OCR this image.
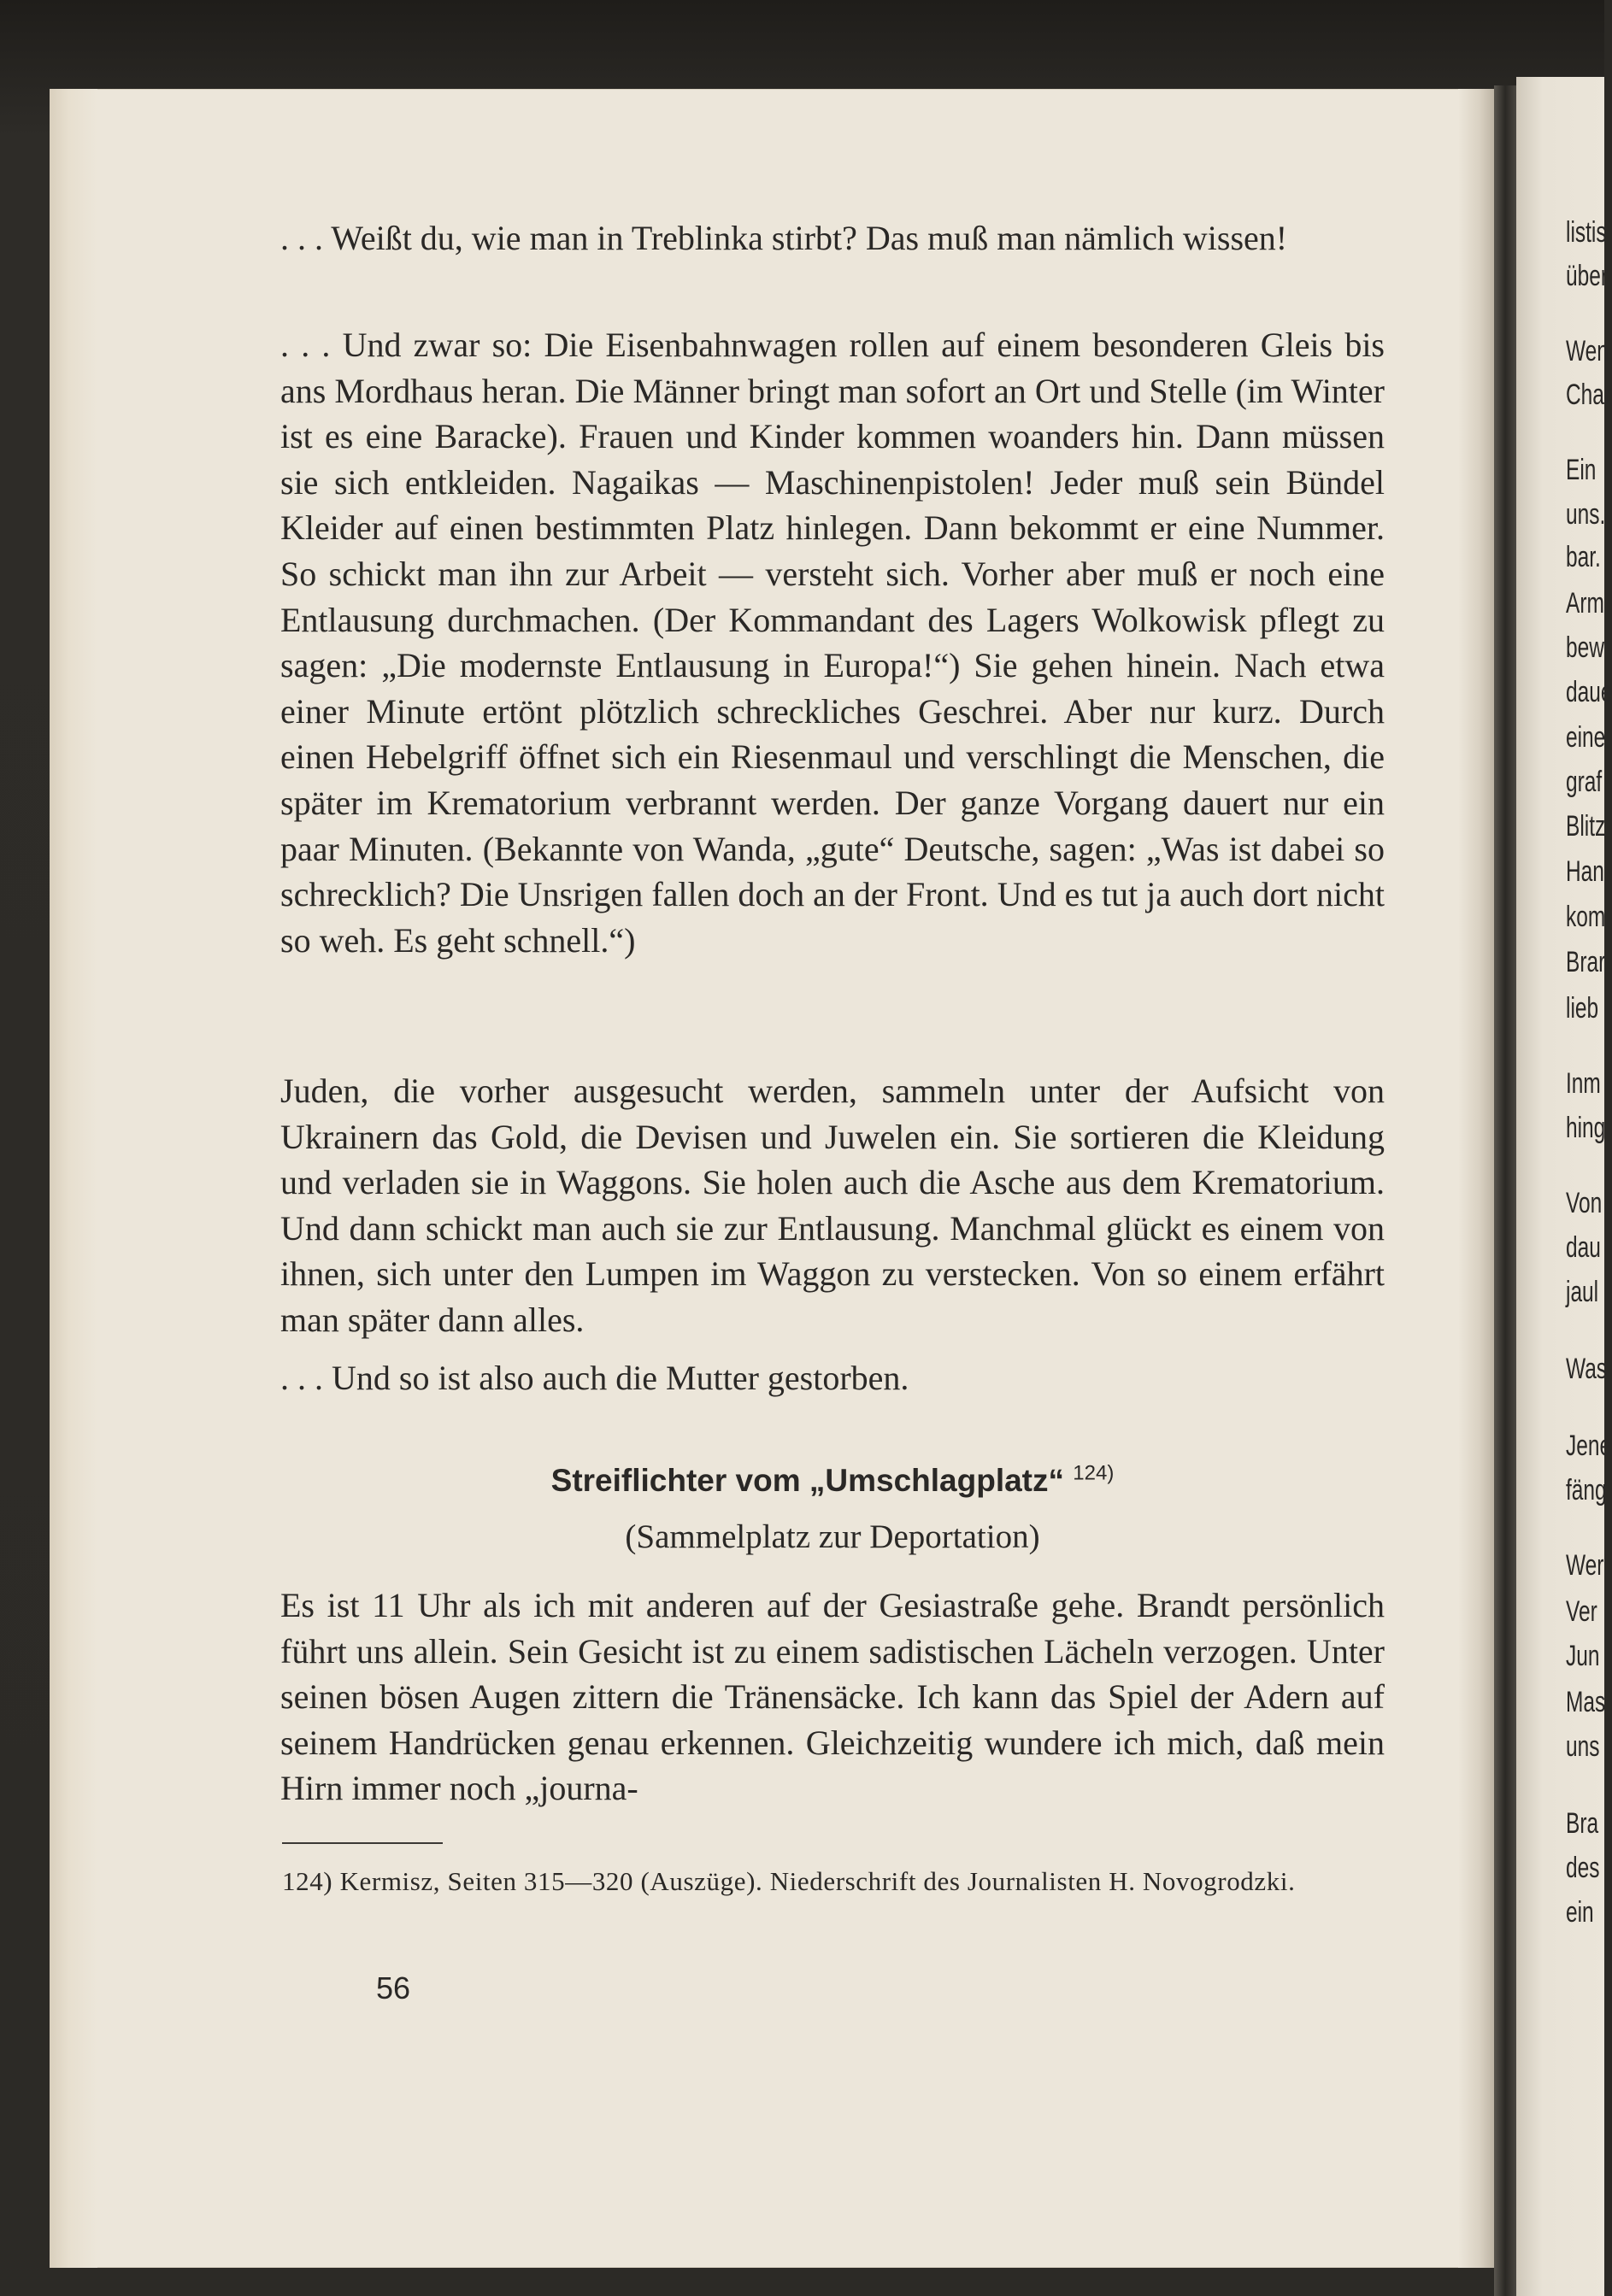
. . . Weißt du, wie man in Treblinka stirbt? Das muß man nämlich wissen!

. . . Und zwar so: Die Eisenbahnwagen rollen auf einem besonderen Gleis bis ans Mordhaus heran. Die Männer bringt man sofort an Ort und Stelle (im Winter ist es eine Baracke). Frauen und Kinder kommen woanders hin. Dann müssen sie sich entkleiden. Nagaikas — Maschinenpistolen! Jeder muß sein Bündel Kleider auf einen bestimmten Platz hinlegen. Dann bekommt er eine Nummer. So schickt man ihn zur Arbeit — versteht sich. Vorher aber muß er noch eine Entlausung durchmachen. (Der Kommandant des Lagers Wolkowisk pflegt zu sagen: „Die modernste Entlausung in Europa!“) Sie gehen hinein. Nach etwa einer Minute ertönt plötzlich schreckliches Geschrei. Aber nur kurz. Durch einen Hebelgriff öffnet sich ein Riesenmaul und verschlingt die Menschen, die später im Krematorium verbrannt werden. Der ganze Vorgang dauert nur ein paar Minuten. (Bekannte von Wanda, „gute“ Deutsche, sagen: „Was ist dabei so schrecklich? Die Unsrigen fallen doch an der Front. Und es tut ja auch dort nicht so weh. Es geht schnell.“)

Juden, die vorher ausgesucht werden, sammeln unter der Aufsicht von Ukrainern das Gold, die Devisen und Juwelen ein. Sie sortieren die Kleidung und verladen sie in Waggons. Sie holen auch die Asche aus dem Krematorium. Und dann schickt man auch sie zur Entlausung. Manchmal glückt es einem von ihnen, sich unter den Lumpen im Waggon zu verstecken. Von so einem erfährt man später dann alles.

. . . Und so ist also auch die Mutter gestorben.

Streiflichter vom „Umschlagplatz“ $^{124)}$
(Sammelplatz zur Deportation)

Es ist 11 Uhr als ich mit anderen auf der Gesiastraße gehe. Brandt persönlich führt uns allein. Sein Gesicht ist zu einem sadistischen Lächeln verzogen. Unter seinen bösen Augen zittern die Tränensäcke. Ich kann das Spiel der Adern auf seinem Handrücken genau erkennen. Gleichzeitig wundere ich mich, daß mein Hirn immer noch „journa-

124) Kermisz, Seiten 315—320 (Auszüge). Niederschrift des Journalisten H. Novogrodzki.
56
listis
über
Wen
Char
Ein
uns.
bar.
Arm
bew
daue
eine
graf
Blitz
Han
kom
Brar
lieb
Inm
hing
Von
dau
jaul
Was
Jene
fäng
Wer
Ver
Jun
Mas
uns
Bra
des
ein
